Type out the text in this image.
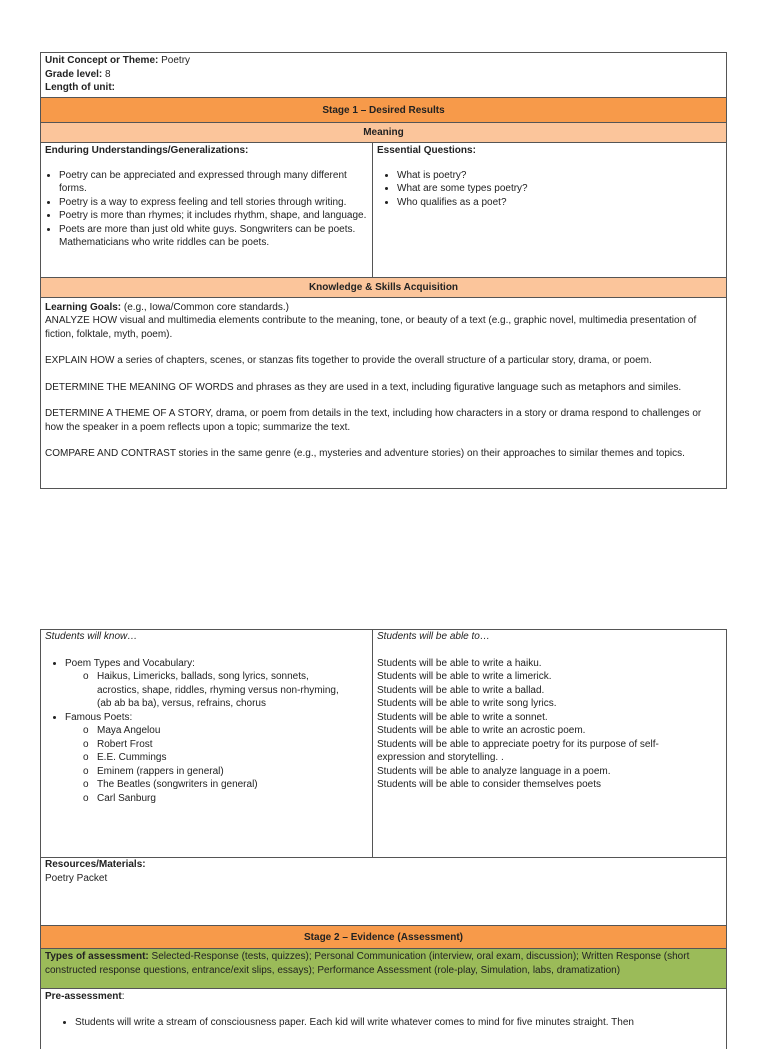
Unit Concept or Theme: Poetry
Grade level: 8
Length of unit:
Stage 1 – Desired Results
Meaning
Enduring Understandings/Generalizations:
• Poetry can be appreciated and expressed through many different forms.
• Poetry is a way to express feeling and tell stories through writing.
• Poetry is more than rhymes; it includes rhythm, shape, and language.
• Poets are more than just old white guys. Songwriters can be poets. Mathematicians who write riddles can be poets.
Essential Questions:
• What is poetry?
• What are some types poetry?
• Who qualifies as a poet?
Knowledge & Skills Acquisition
Learning Goals: (e.g., Iowa/Common core standards.)

ANALYZE HOW visual and multimedia elements contribute to the meaning, tone, or beauty of a text (e.g., graphic novel, multimedia presentation of fiction, folktale, myth, poem).

EXPLAIN HOW a series of chapters, scenes, or stanzas fits together to provide the overall structure of a particular story, drama, or poem.

DETERMINE THE MEANING OF WORDS and phrases as they are used in a text, including figurative language such as metaphors and similes.

DETERMINE A THEME OF A STORY, drama, or poem from details in the text, including how characters in a story or drama respond to challenges or how the speaker in a poem reflects upon a topic; summarize the text.

COMPARE AND CONTRAST stories in the same genre (e.g., mysteries and adventure stories) on their approaches to similar themes and topics.

Students will know…
• Poem Types and Vocabulary:
o Haikus, Limericks, ballads, song lyrics, sonnets, acrostics, shape, riddles, rhyming versus non-rhyming, (ab ab ba ba), versus, refrains, chorus
• Famous Poets:
o Maya Angelou
o Robert Frost
o E.E. Cummings
o Eminem (rappers in general)
o The Beatles (songwriters in general)
o Carl Sanburg
Students will be able to…

Students will be able to write a haiku.

Students will be able to write a limerick.

Students will be able to write a ballad.

Students will be able to write song lyrics.

Students will be able to write a sonnet.

Students will be able to write an acrostic poem.

Students will be able to appreciate poetry for its purpose of self-expression and storytelling. .

Students will be able to analyze language in a poem.

Students will be able to consider themselves poets

Resources/Materials:
Poetry Packet
Stage 2 – Evidence (Assessment)

Types of assessment: Selected-Response (tests, quizzes); Personal Communication (interview, oral exam, discussion); Written Response (short constructed response questions, entrance/exit slips, essays); Performance Assessment (role-play, Simulation, labs, dramatization)

Pre-assessment:
• Students will write a stream of consciousness paper. Each kid will write whatever comes to mind for five minutes straight. Then
